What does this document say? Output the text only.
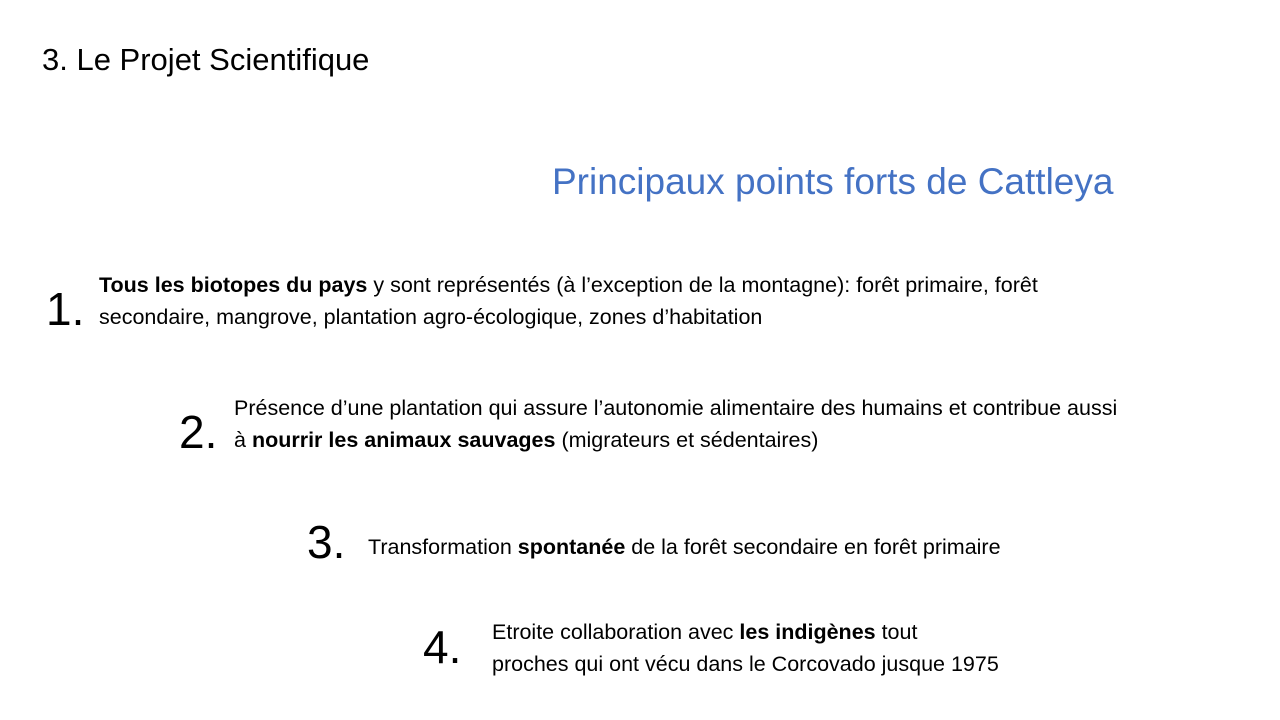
3. Le Projet Scientifique
Principaux points forts de Cattleya
1. Tous les biotopes du pays y sont représentés (à l’exception de la montagne): forêt primaire, forêt
secondaire, mangrove, plantation agro-écologique, zones d’habitation
2. Présence d’une plantation qui assure l’autonomie alimentaire des humains et contribue aussi
à nourrir les animaux sauvages (migrateurs et sédentaires)
3. Transformation spontanée de la forêt secondaire en forêt primaire
4. Etroite collaboration avec les indigènes tout
proches qui ont vécu dans le Corcovado jusque 1975
